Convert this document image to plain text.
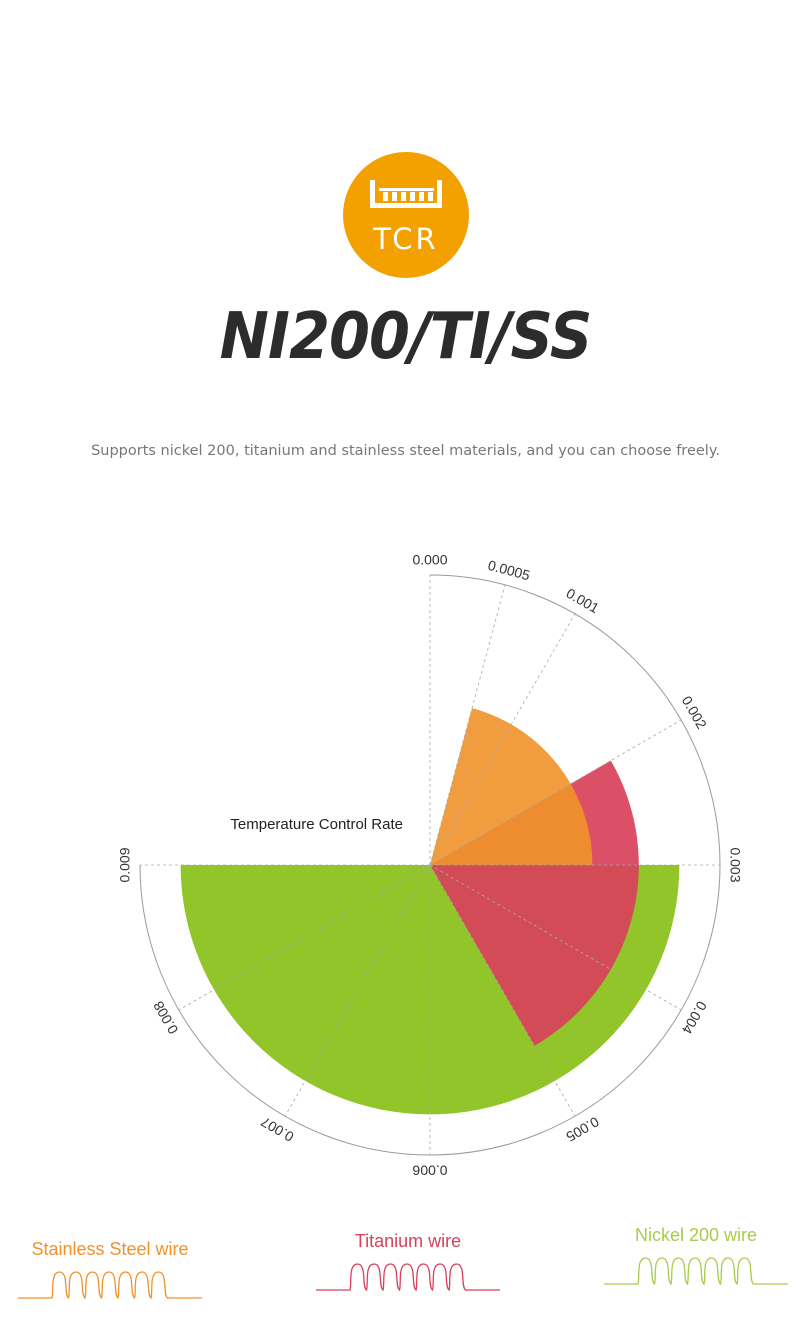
TCR
NI200/TI/SS
Supports nickel 200, titanium and stainless steel materials, and you can choose freely.
0.000	0.0005
0.001
0.002
0.003
0.004
0.005
0.006
0.007
0.008
0.009
Temperature Control Rate
Stainless Steel wire	Titanium wire	Nickel 200 wire
